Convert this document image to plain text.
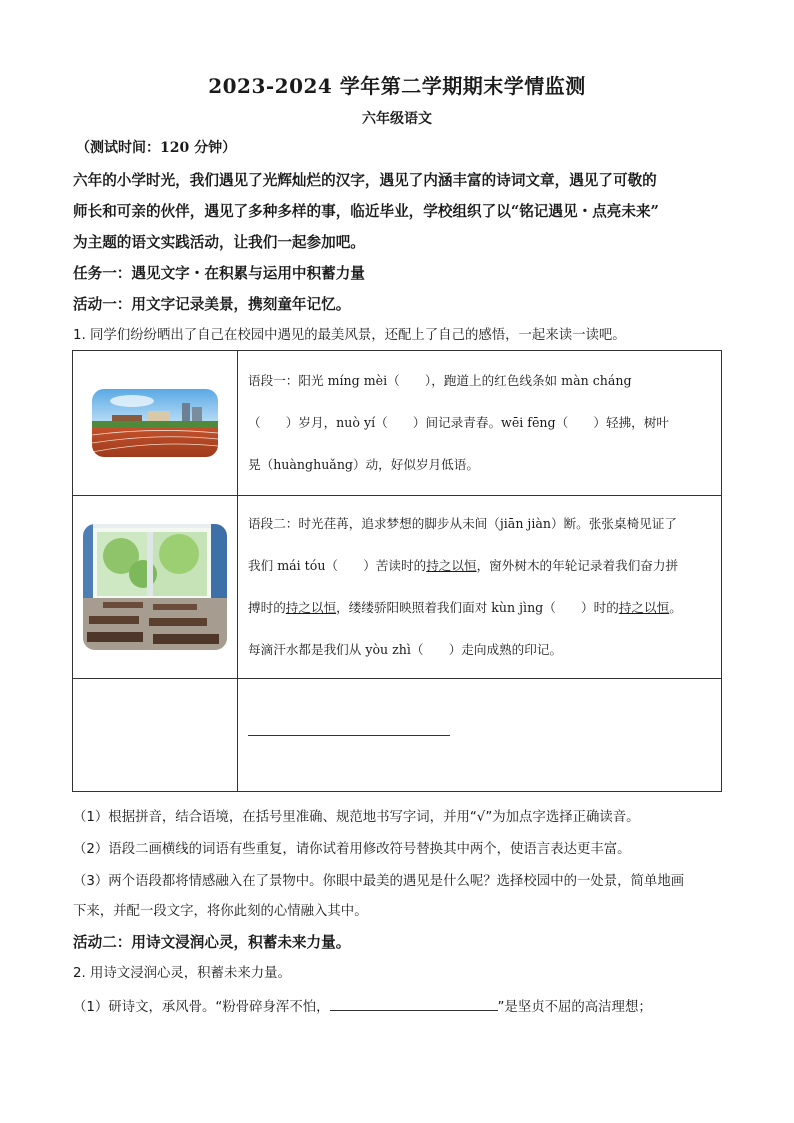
2023-2024 学年第二学期期末学情监测
六年级语文
（测试时间：120 分钟）
六年的小学时光，我们遇见了光辉灿烂的汉字，遇见了内涵丰富的诗词文章，遇见了可敬的
师长和可亲的伙伴，遇见了多种多样的事，临近毕业，学校组织了以“铭记遇见・点亮未来”
为主题的语文实践活动，让我们一起参加吧。
任务一：遇见文字・在积累与运用中积蓄力量
活动一：用文字记录美景，携刻童年记忆。
1. 同学们纷纷晒出了自己在校园中遇见的最美风景，还配上了自己的感悟，一起来读一读吧。

语段一：阳光 míng mèi（　　），跑道上的红色线条如 màn cháng
（　　）岁月，nuò yí（　　）间记录青春。wēi fēng（　　）轻拂，树叶
晃（huànghuǎng）动，好似岁月低语。

语段二：时光荏苒，追求梦想的脚步从未间（jiān jiàn）断。张张桌椅见证了
我们 mái tóu（　　）苦读时的持之以恒，窗外树木的年轮记录着我们奋力拼
搏时的持之以恒，缕缕骄阳映照着我们面对 kùn jìng（　　）时的持之以恒。
每滴汗水都是我们从 yòu zhì（　　）走向成熟的印记。

（1）根据拼音，结合语境，在括号里准确、规范地书写字词，并用“√”为加点字选择正确读音。
（2）语段二画横线的词语有些重复，请你试着用修改符号替换其中两个，使语言表达更丰富。
（3）两个语段都将情感融入在了景物中。你眼中最美的遇见是什么呢？选择校园中的一处景，简单地画
下来，并配一段文字，将你此刻的心情融入其中。
活动二：用诗文浸润心灵，积蓄未来力量。
2. 用诗文浸润心灵，积蓄未来力量。
（1）研诗文，承风骨。“粉骨碎身浑不怕，	”是坚贞不屈的高洁理想；
